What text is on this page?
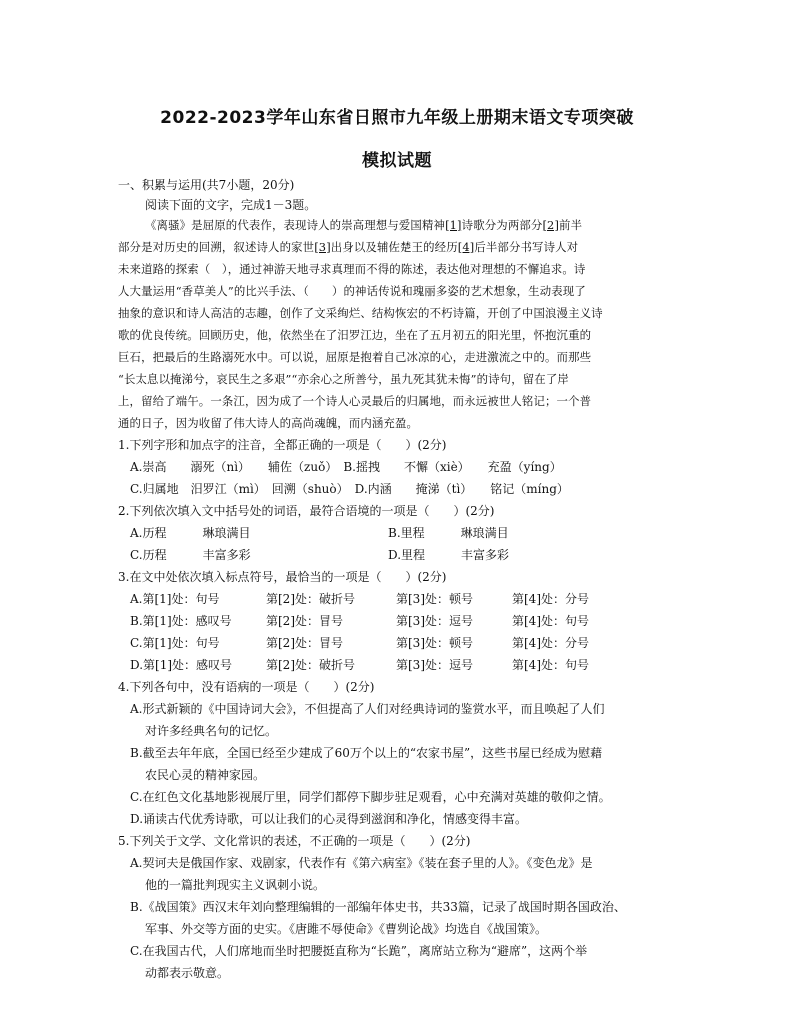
2022-2023学年山东省日照市九年级上册期末语文专项突破
模拟试题
一、积累与运用(共7小题，20分)
阅读下面的文字，完成1－3题。
《离骚》是屈原的代表作，表现诗人的崇高理想与爱国精神[1]诗歌分为两部分[2]前半
部分是对历史的回溯，叙述诗人的家世[3]出身以及辅佐楚王的经历[4]后半部分书写诗人对
未来道路的探索（　），通过神游天地寻求真理而不得的陈述，表达他对理想的不懈追求。诗
人大量运用“香草美人”的比兴手法、（　　）的神话传说和瑰丽多姿的艺术想象，生动表现了
抽象的意识和诗人高洁的志趣，创作了文采绚烂、结构恢宏的不朽诗篇，开创了中国浪漫主义诗
歌的优良传统。回顾历史，他，依然坐在了汨罗江边，坐在了五月初五的阳光里，怀抱沉重的
巨石，把最后的生路溺死水中。可以说，屈原是抱着自己冰凉的心，走进激流之中的。而那些
“长太息以掩涕兮，哀民生之多艰”“亦余心之所善兮，虽九死其犹未悔”的诗句，留在了岸
上，留给了端午。一条江，因为成了一个诗人心灵最后的归属地，而永远被世人铭记；一个普
通的日子，因为收留了伟大诗人的高尚魂魄，而内涵充盈。
1.下列字形和加点字的注音，全都正确的一项是（　　）(2分)
A.崇高　　溺死（nì）　　辅佐（zuǒ）　B.摇拽　　不懈（xiè）　　充盈（yíng）
C.归属地　汨罗江（mì）　回溯（shuò）　D.内涵　　掩涕（tì）　　铭记（míng）
2.下列依次填入文中括号处的词语，最符合语境的一项是（　　）(2分)
A.历程　　　琳琅满目	B.里程　　　琳琅满目
C.历程　　　丰富多彩	D.里程　　　丰富多彩
3.在文中处依次填入标点符号，最恰当的一项是（　　）(2分)
A.第[1]处：句号	第[2]处：破折号	第[3]处：顿号	第[4]处：分号
B.第[1]处：感叹号	第[2]处：冒号	第[3]处：逗号	第[4]处：句号
C.第[1]处：句号	第[2]处：冒号	第[3]处：顿号	第[4]处：分号
D.第[1]处：感叹号	第[2]处：破折号	第[3]处：逗号	第[4]处：句号
4.下列各句中，没有语病的一项是（　　）(2分)
A.形式新颖的《中国诗词大会》，不但提高了人们对经典诗词的鉴赏水平，而且唤起了人们
对许多经典名句的记忆。
B.截至去年年底，全国已经至少建成了60万个以上的“农家书屋”，这些书屋已经成为慰藉
农民心灵的精神家园。
C.在红色文化基地影视展厅里，同学们都停下脚步驻足观看，心中充满对英雄的敬仰之情。
D.诵读古代优秀诗歌，可以让我们的心灵得到滋润和净化，情感变得丰富。
5.下列关于文学、文化常识的表述，不正确的一项是（　　）(2分)
A.契诃夫是俄国作家、戏剧家，代表作有《第六病室》《装在套子里的人》。《变色龙》是
他的一篇批判现实主义讽刺小说。
B.《战国策》西汉末年刘向整理编辑的一部编年体史书，共33篇，记录了战国时期各国政治、
军事、外交等方面的史实。《唐雎不辱使命》《曹刿论战》均选自《战国策》。
C.在我国古代，人们席地而坐时把腰挺直称为“长跪”，离席站立称为“避席”，这两个举
动都表示敬意。
